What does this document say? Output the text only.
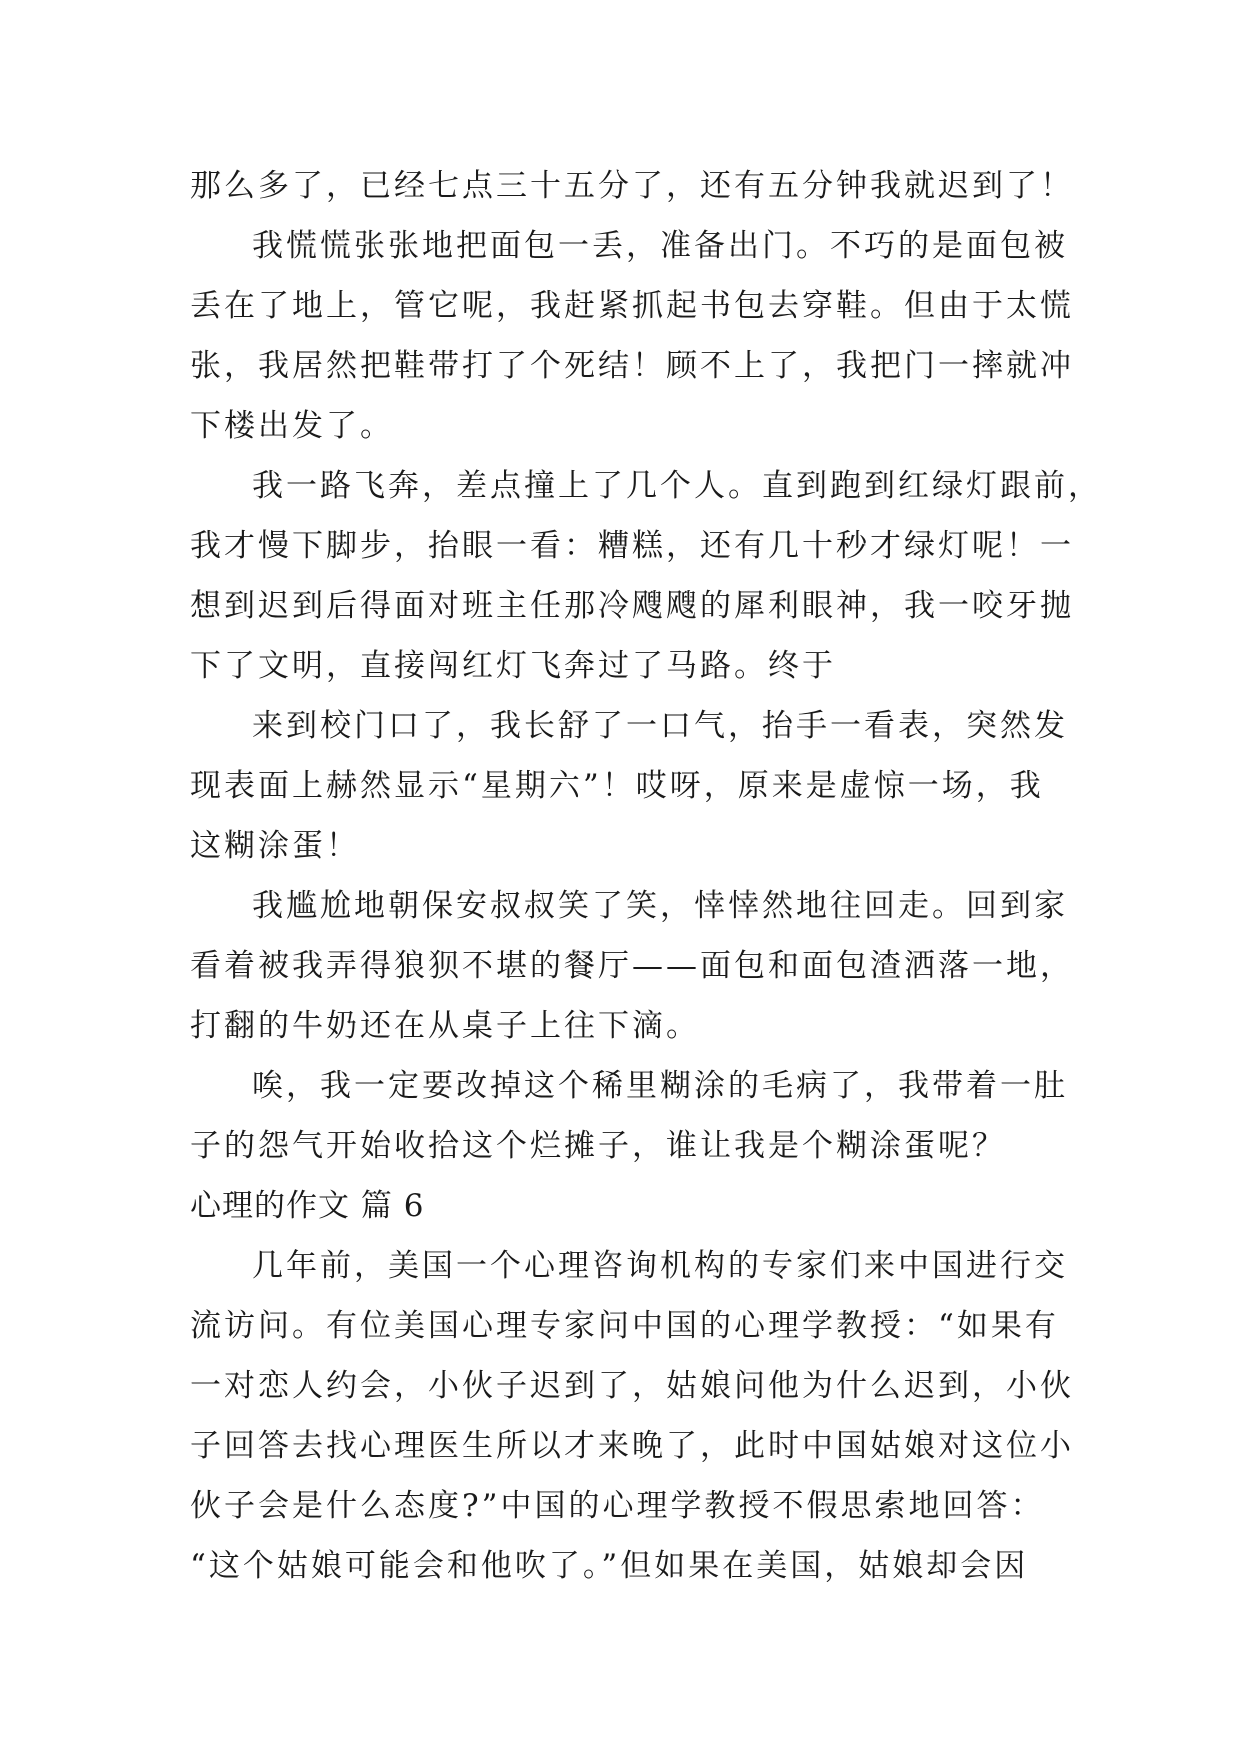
那么多了，已经七点三十五分了，还有五分钟我就迟到了！
我慌慌张张地把面包一丢，准备出门。不巧的是面包被
丢在了地上，管它呢，我赶紧抓起书包去穿鞋。但由于太慌
张，我居然把鞋带打了个死结！顾不上了，我把门一摔就冲
下楼出发了。
我一路飞奔，差点撞上了几个人。直到跑到红绿灯跟前，
我才慢下脚步，抬眼一看：糟糕，还有几十秒才绿灯呢！一
想到迟到后得面对班主任那冷飕飕的犀利眼神，我一咬牙抛
下了文明，直接闯红灯飞奔过了马路。终于
来到校门口了，我长舒了一口气，抬手一看表，突然发
现表面上赫然显示“星期六”！哎呀，原来是虚惊一场，我
这糊涂蛋！
我尴尬地朝保安叔叔笑了笑，悻悻然地往回走。回到家
看着被我弄得狼狈不堪的餐厅——面包和面包渣洒落一地，
打翻的牛奶还在从桌子上往下滴。
唉，我一定要改掉这个稀里糊涂的毛病了，我带着一肚
子的怨气开始收拾这个烂摊子，谁让我是个糊涂蛋呢？
心理的作文 篇 6
几年前，美国一个心理咨询机构的专家们来中国进行交
流访问。有位美国心理专家问中国的心理学教授：“如果有
一对恋人约会，小伙子迟到了，姑娘问他为什么迟到，小伙
子回答去找心理医生所以才来晚了，此时中国姑娘对这位小
伙子会是什么态度?”中国的心理学教授不假思索地回答：
“这个姑娘可能会和他吹了。”但如果在美国，姑娘却会因
